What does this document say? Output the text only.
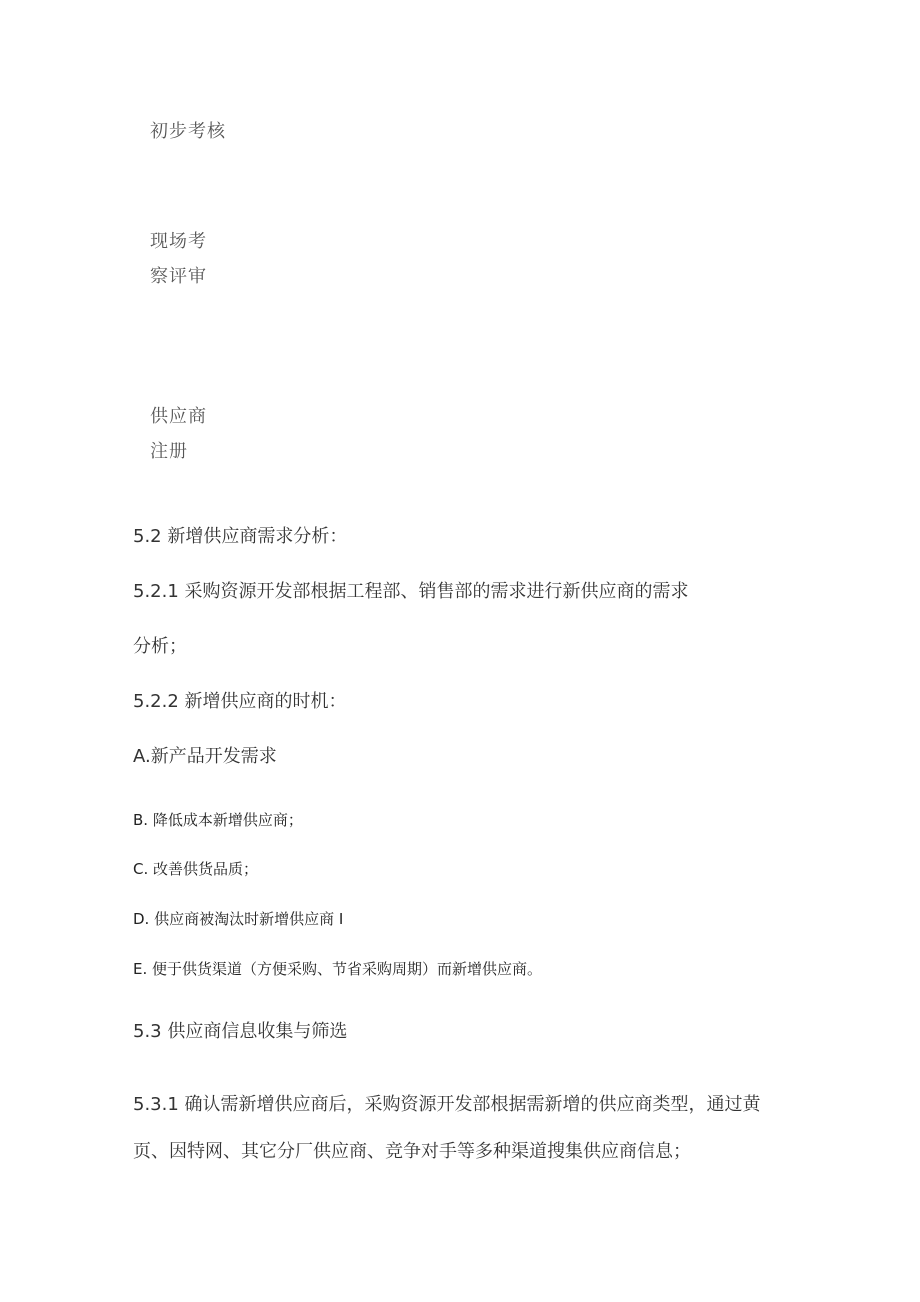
初步考核
现场考
察评审
供应商
注册
5.2 新增供应商需求分析：
5.2.1 采购资源开发部根据工程部、销售部的需求进行新供应商的需求
分析；
5.2.2 新增供应商的时机：
A.新产品开发需求
B. 降低成本新增供应商；
C. 改善供货品质；
D. 供应商被淘汰时新增供应商 I
E. 便于供货渠道（方便采购、节省采购周期）而新增供应商。
5.3 供应商信息收集与筛选
5.3.1 确认需新增供应商后，采购资源开发部根据需新增的供应商类型，通过黄
页、因特网、其它分厂供应商、竞争对手等多种渠道搜集供应商信息；
